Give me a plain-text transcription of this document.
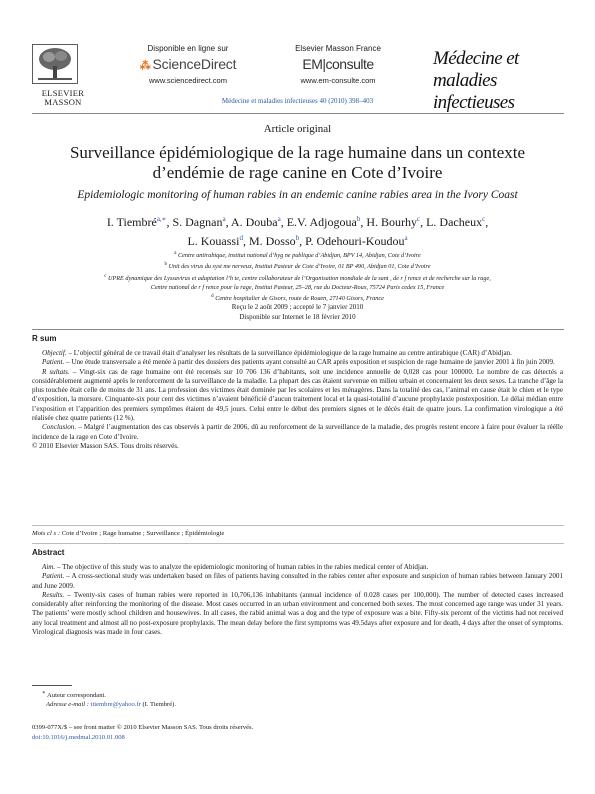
ELSEVIER
MASSON
Disponible en ligne sur
⁂ ScienceDirect
www.sciencedirect.com
Elsevier Masson France
EM|consulte
www.em-consulte.com
Médecine et
maladies infectieuses
Médecine et maladies infectieuses 40 (2010) 398–403
Article original
Surveillance épidémiologique de la rage humaine dans un contexte
d’endémie de rage canine en Cote d’Ivoire
Epidemiologic monitoring of human rabies in an endemic canine rabies area in the Ivory Coast
I. Tiembré$^{a,∗}$, S. Dagnan$^a$, A. Douba$^a$, E.V. Adjogoua$^b$, H. Bourhy$^c$, L. Dacheux$^c$,
L. Kouassi$^d$, M. Dosso$^b$, P. Odehouri-Koudou$^a$
$^a$ Centre antirabique, institut national d’hyg ne publique d’Abidjan, BPV 14, Abidjan, Cote d’Ivoire
$^b$ Unit des virus du syst me nerveux, Institut Pasteur de Cote d’Ivoire, 01 BP 490, Abidjan 01, Cote d’Ivoire
$^c$ UPRE dynamique des Lyssavirus et adaptation l’h te, centre collaborateur de l’Organisation mondiale de la sant , de r f rence et de recherche sur la rage,
Centre national de r f rence pour la rage, Institut Pasteur, 25–28, rue du Docteur-Roux, 75724 Paris cedex 15, France
$^d$ Centre hospitalier de Gisors, route de Rouen, 27140 Gisors, France
Reçu le 2 août 2009 ; accepté le 7 janvier 2010
Disponible sur Internet le 18 février 2010
R sum

Objectif. – L’objectif général de ce travail était d’analyser les résultats de la surveillance épidémiologique de la rage humaine au centre antirabique (CAR) d’Abidjan.

Patient. – Une étude transversale a été menée à partir des dossiers des patients ayant consulté au CAR après exposition et suspicion de rage humaine de janvier 2001 à fin juin 2009.

R sultats. – Vingt-six cas de rage humaine ont été recensés sur 10 706 136 d’habitants, soit une incidence annuelle de 0,028 cas pour 100000. Le nombre de cas détectés a considérablement augmenté après le renforcement de la surveillance de la maladie. La plupart des cas étaient survenue en milieu urbain et concernaient les deux sexes. La tranche d’âge la plus touchée était celle de moins de 31 ans. La profession des victimes était dominée par les scolaires et les ménagères. Dans la totalité des cas, l’animal en cause était le chien et le type d’exposition, la morsure. Cinquante-six pour cent des victimes n’avaient bénéficié d’aucun traitement local et la quasi-totalité d’aucune prophylaxie postexposition. Le délai médian entre l’exposition et l’apparition des premiers symptômes étaient de 49,5 jours. Celui entre le début des premiers signes et le décès était de quatre jours. La confirmation virologique a été réalisée chez quatre patients (12 %).

Conclusion. – Malgré l’augmentation des cas observés à partir de 2006, dû au renforcement de la surveillance de la maladie, des progrès restent encore à faire pour évaluer la réélle incidence de la rage en Cote d’Ivoire.

© 2010 Elsevier Masson SAS. Tous droits réservés.

Mots cl s : Cote d’Ivoire ; Rage humaine ; Surveillance ; Épidémiologie
Abstract

Aim. – The objective of this study was to analyze the epidemiologic monitoring of human rabies in the rabies medical center of Abidjan.

Patient. – A cross-sectional study was undertaken based on files of patients having consulted in the rabies center after exposure and suspicion of human rabies between January 2001 and June 2009.

Results. – Twenty-six cases of human rabies were reported in 10,706,136 inhabitants (annual incidence of 0.028 cases per 100,000). The number of detected cases increased considerably after reinforcing the monitoring of the disease. Most cases occurred in an urban environment and concerned both sexes. The most concerned age range was under 31 years. The patients’ were mostly school children and housewives. In all cases, the rabid animal was a dog and the type of exposure was a bite. Fifty-six percent of the victims had not received any local treatment and almost all no post-exposure prophylaxis. The mean delay before the first symptoms was 49.5days after exposure and for death, 4 days after the onset of symptoms. Virological diagnosis was made in four cases.

∗ Auteur correspondant.
Adresse e-mail : itiembre@yahoo.fr (I. Tiembré).
0399-077X/$ – see front matter © 2010 Elsevier Masson SAS. Tous droits réservés.
doi:10.1016/j.medmal.2010.01.008
